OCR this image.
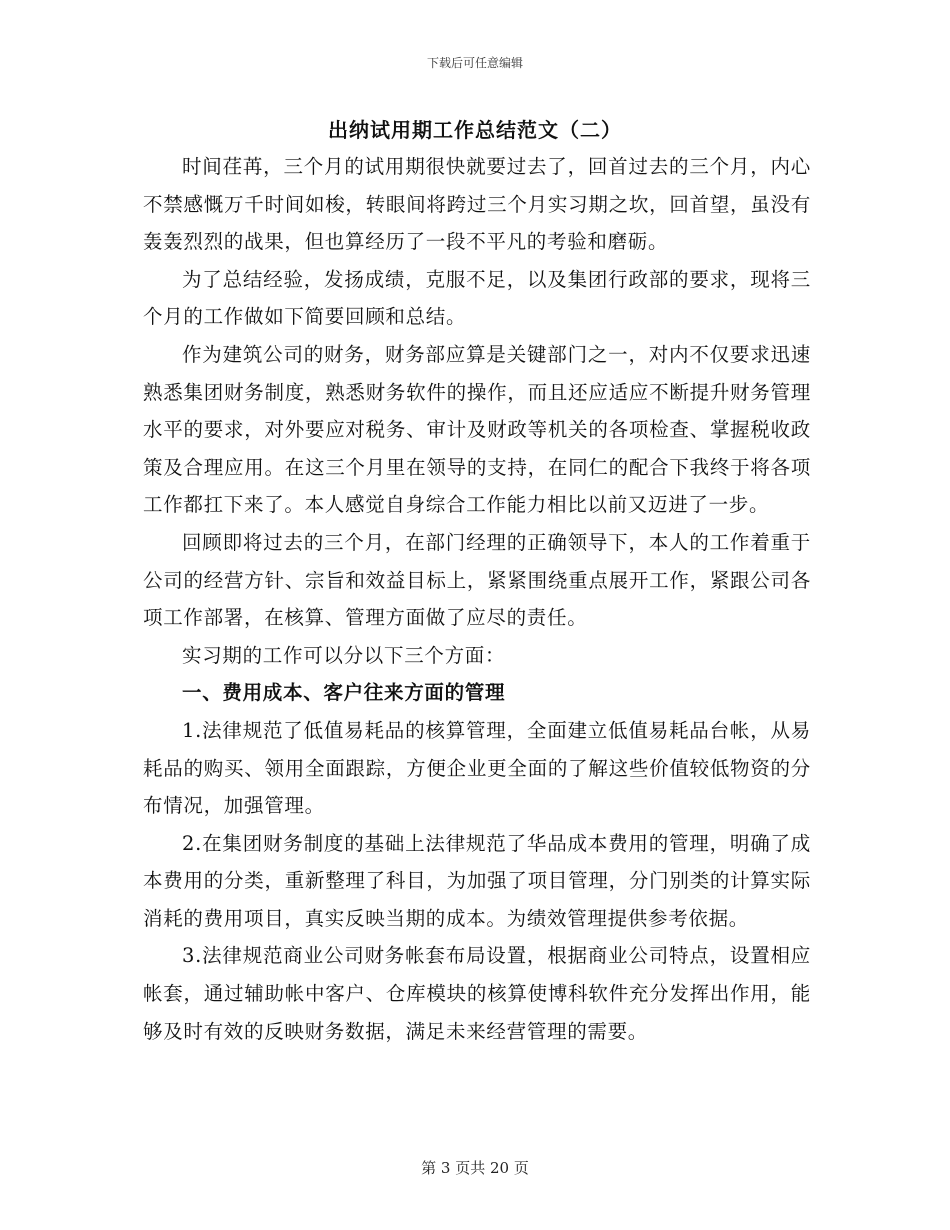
下载后可任意编辑
出纳试用期工作总结范文（二）

时间荏苒，三个月的试用期很快就要过去了，回首过去的三个月，内心不禁感慨万千时间如梭，转眼间将跨过三个月实习期之坎，回首望，虽没有轰轰烈烈的战果，但也算经历了一段不平凡的考验和磨砺。

为了总结经验，发扬成绩，克服不足，以及集团行政部的要求，现将三个月的工作做如下简要回顾和总结。

作为建筑公司的财务，财务部应算是关键部门之一，对内不仅要求迅速熟悉集团财务制度，熟悉财务软件的操作，而且还应适应不断提升财务管理水平的要求，对外要应对税务、审计及财政等机关的各项检查、掌握税收政策及合理应用。在这三个月里在领导的支持，在同仁的配合下我终于将各项工作都扛下来了。本人感觉自身综合工作能力相比以前又迈进了一步。

回顾即将过去的三个月，在部门经理的正确领导下，本人的工作着重于公司的经营方针、宗旨和效益目标上，紧紧围绕重点展开工作，紧跟公司各项工作部署，在核算、管理方面做了应尽的责任。

实习期的工作可以分以下三个方面：

一、费用成本、客户往来方面的管理

1.法律规范了低值易耗品的核算管理，全面建立低值易耗品台帐，从易耗品的购买、领用全面跟踪，方便企业更全面的了解这些价值较低物资的分布情况，加强管理。

2.在集团财务制度的基础上法律规范了华品成本费用的管理，明确了成本费用的分类，重新整理了科目，为加强了项目管理，分门别类的计算实际消耗的费用项目，真实反映当期的成本。为绩效管理提供参考依据。

3.法律规范商业公司财务帐套布局设置，根据商业公司特点，设置相应帐套，通过辅助帐中客户、仓库模块的核算使博科软件充分发挥出作用，能够及时有效的反映财务数据，满足未来经营管理的需要。

第 3 页共 20 页
